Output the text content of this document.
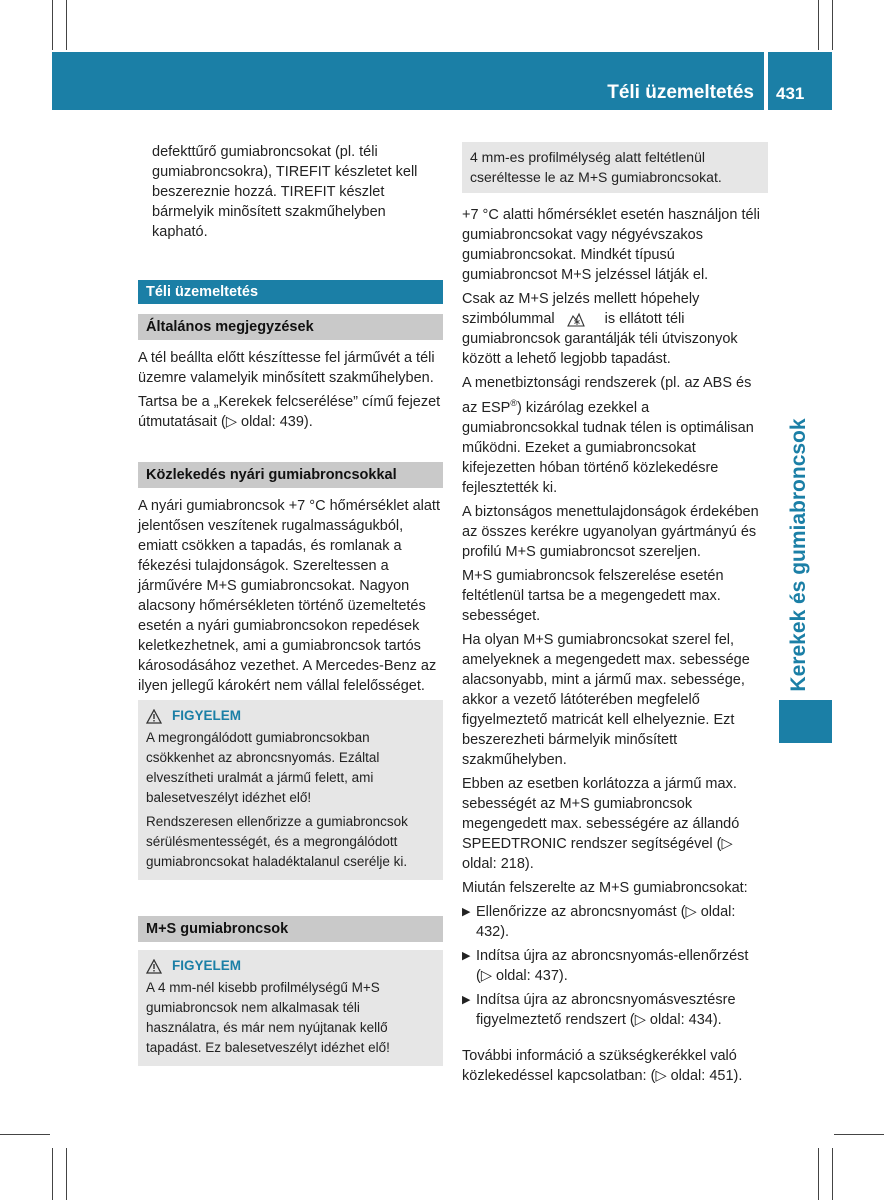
Téli üzemeltetés 431
Kerekek és gumiabroncsok

defekttűrő gumiabroncsokat (pl. téli gumiabroncsokra), TIREFIT készletet kell beszereznie hozzá. TIREFIT készlet bármelyik minõsített szakműhelyben kapható.

Téli üzemeltetés
Általános megjegyzések

A tél beállta előtt készíttesse fel járművét a téli üzemre valamelyik minősített szakműhelyben.

Tartsa be a „Kerekek felcserélése” című fejezet útmutatásait (▷ oldal: 439).

Közlekedés nyári gumiabroncsokkal

A nyári gumiabroncsok +7 °C hőmérséklet alatt jelentősen veszítenek rugalmasságukból, emiatt csökken a tapadás, és romlanak a fékezési tulajdonságok. Szereltessen a járművére M+S gumiabroncsokat. Nagyon alacsony hőmérsékleten történő üzemeltetés esetén a nyári gumiabroncsokon repedések keletkezhetnek, ami a gumiabroncsok tartós károsodásához vezethet. A Mercedes-Benz az ilyen jellegű károkért nem vállal felelősséget.

FIGYELEM

A megrongálódott gumiabroncsokban csökkenhet az abroncsnyomás. Ezáltal elveszítheti uralmát a jármű felett, ami balesetveszélyt idézhet elő!

Rendszeresen ellenőrizze a gumiabroncsok sérülésmentességét, és a megrongálódott gumiabroncsokat haladéktalanul cserélje ki.

M+S gumiabroncsok
FIGYELEM

A 4 mm-nél kisebb profilmélységű M+S gumiabroncsok nem alkalmasak téli használatra, és már nem nyújtanak kellő tapadást. Ez balesetveszélyt idézhet elő!

4 mm-es profilmélység alatt feltétlenül cseréltesse le az M+S gumiabroncsokat.

+7 °C alatti hőmérséklet esetén használjon téli gumiabroncsokat vagy négyévszakos gumiabroncsokat. Mindkét típusú gumiabroncsot M+S jelzéssel látják el.

Csak az M+S jelzés mellett hópehely szimbólummal	is ellátott téli gumiabroncsok garantálják téli útviszonyok között a lehető legjobb tapadást.

A menetbiztonsági rendszerek (pl. az ABS és az ESP®) kizárólag ezekkel a gumiabroncsokkal tudnak télen is optimálisan működni. Ezeket a gumiabroncsokat kifejezetten hóban történő közlekedésre fejlesztették ki.

A biztonságos menettulajdonságok érdekében az összes kerékre ugyanolyan gyártmányú és profilú M+S gumiabroncsot szereljen.

M+S gumiabroncsok felszerelése esetén feltétlenül tartsa be a megengedett max. sebességet.

Ha olyan M+S gumiabroncsokat szerel fel, amelyeknek a megengedett max. sebessége alacsonyabb, mint a jármű max. sebessége, akkor a vezető látóterében megfelelő figyelmeztető matricát kell elhelyeznie. Ezt beszerezheti bármelyik minősített szakműhelyben.

Ebben az esetben korlátozza a jármű max. sebességét az M+S gumiabroncsok megengedett max. sebességére az állandó SPEEDTRONIC rendszer segítségével (▷ oldal: 218).

Miután felszerelte az M+S gumiabroncsokat:

▶ Ellenőrizze az abroncsnyomást (▷ oldal: 432).
▶ Indítsa újra az abroncsnyomás-ellenőrzést (▷ oldal: 437).
▶ Indítsa újra az abroncsnyomásvesztésre figyelmeztető rendszert (▷ oldal: 434).

További információ a szükségkerékkel való közlekedéssel kapcsolatban: (▷ oldal: 451).
